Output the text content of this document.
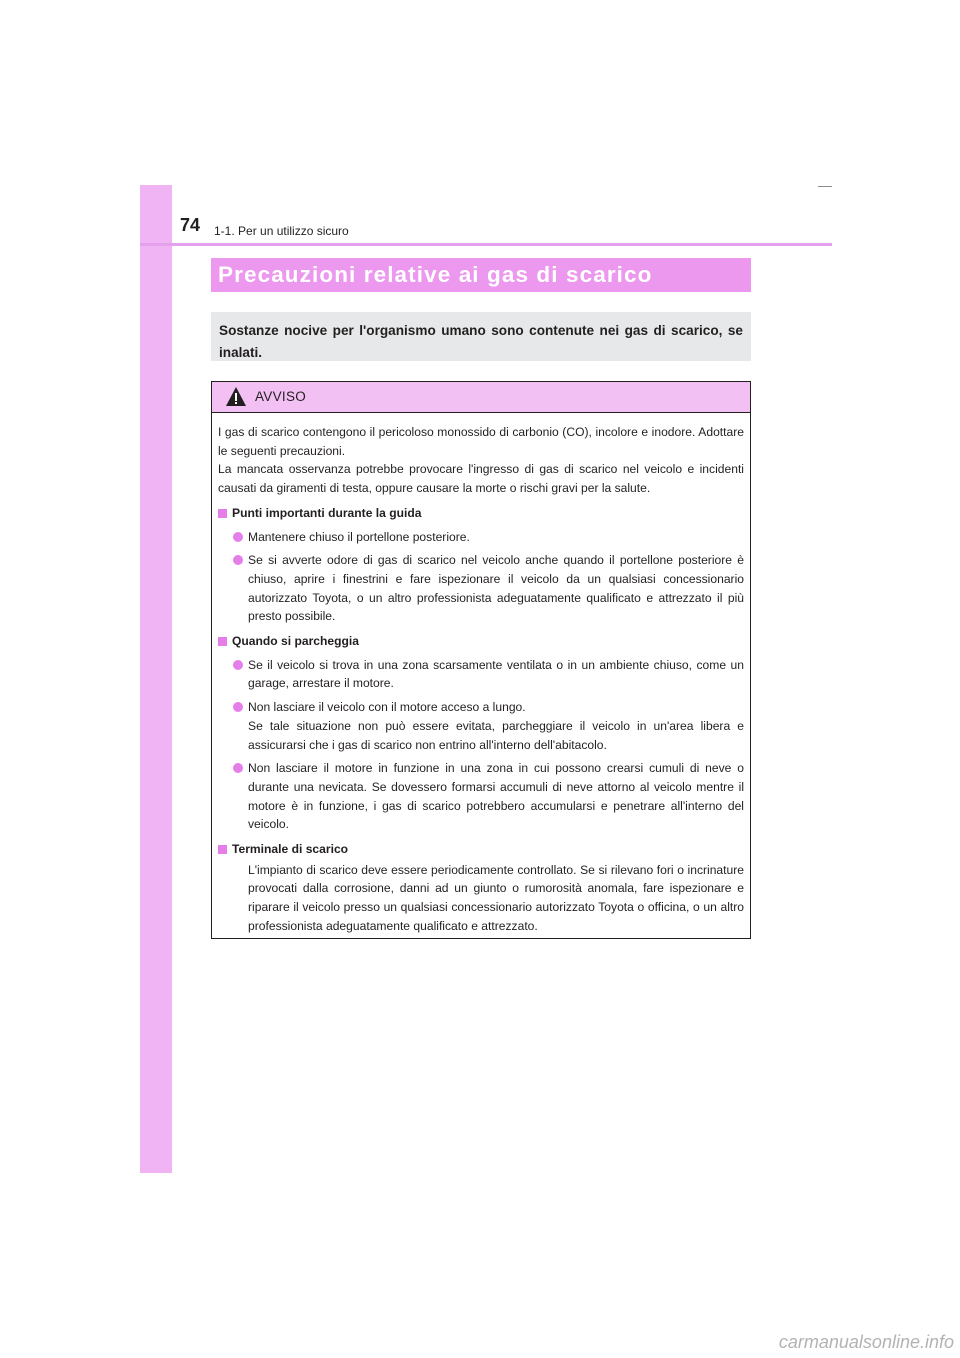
74 1-1. Per un utilizzo sicuro
Precauzioni relative ai gas di scarico
Sostanze nocive per l'organismo umano sono contenute nei gas di scarico, se inalati.
AVVISO

I gas di scarico contengono il pericoloso monossido di carbonio (CO), incolore e inodore. Adottare le seguenti precauzioni.

La mancata osservanza potrebbe provocare l'ingresso di gas di scarico nel veicolo e incidenti causati da giramenti di testa, oppure causare la morte o rischi gravi per la salute.

Punti importanti durante la guida
Mantenere chiuso il portellone posteriore.
Se si avverte odore di gas di scarico nel veicolo anche quando il portellone posteriore è chiuso, aprire i finestrini e fare ispezionare il veicolo da un qualsiasi concessionario autorizzato Toyota, o un altro professionista adeguatamente qualificato e attrezzato il più presto possibile.
Quando si parcheggia
Se il veicolo si trova in una zona scarsamente ventilata o in un ambiente chiuso, come un garage, arrestare il motore.
Non lasciare il veicolo con il motore acceso a lungo.
Se tale situazione non può essere evitata, parcheggiare il veicolo in un'area libera e assicurarsi che i gas di scarico non entrino all'interno dell'abitacolo.
Non lasciare il motore in funzione in una zona in cui possono crearsi cumuli di neve o durante una nevicata. Se dovessero formarsi accumuli di neve attorno al veicolo mentre il motore è in funzione, i gas di scarico potrebbero accumularsi e penetrare all'interno del veicolo.
Terminale di scarico
L'impianto di scarico deve essere periodicamente controllato. Se si rilevano fori o incrinature provocati dalla corrosione, danni ad un giunto o rumorosità anomala, fare ispezionare e riparare il veicolo presso un qualsiasi concessionario autorizzato Toyota o officina, o un altro professionista adeguatamente qualificato e attrezzato.
carmanualsonline.info
